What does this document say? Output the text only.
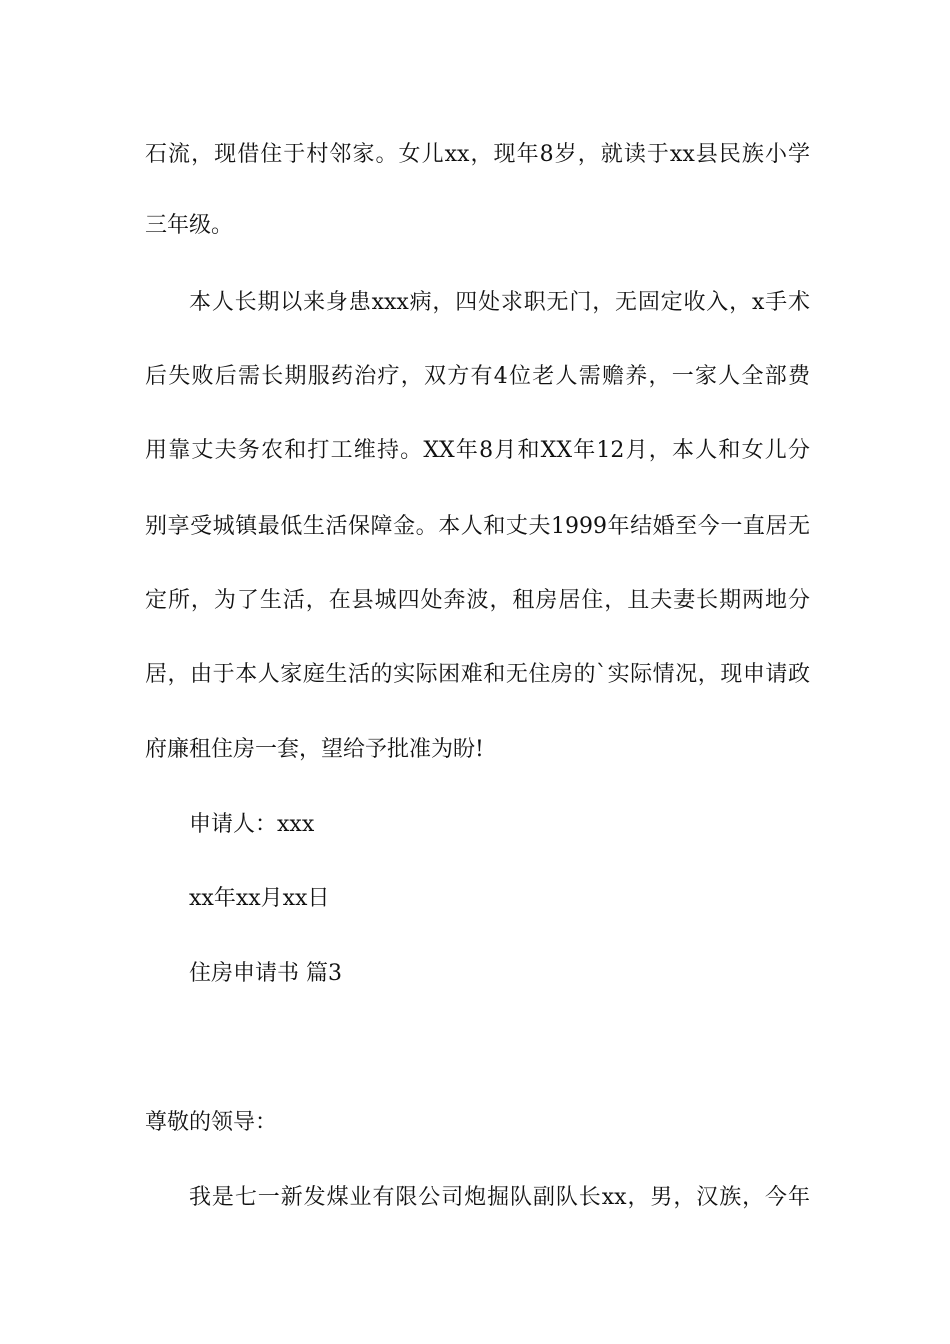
石流，现借住于村邻家。女儿xx，现年8岁，就读于xx县民族小学
三年级。
本人长期以来身患xxx病，四处求职无门，无固定收入，x手术
后失败后需长期服药治疗，双方有4位老人需赡养，一家人全部费
用靠丈夫务农和打工维持。XX年8月和XX年12月，本人和女儿分
别享受城镇最低生活保障金。本人和丈夫1999年结婚至今一直居无
定所，为了生活，在县城四处奔波，租房居住，且夫妻长期两地分
居，由于本人家庭生活的实际困难和无住房的`实际情况，现申请政
府廉租住房一套，望给予批准为盼!
申请人：xxx
xx年xx月xx日
住房申请书 篇3
尊敬的领导：
我是七一新发煤业有限公司炮掘队副队长xx，男，汉族，今年
